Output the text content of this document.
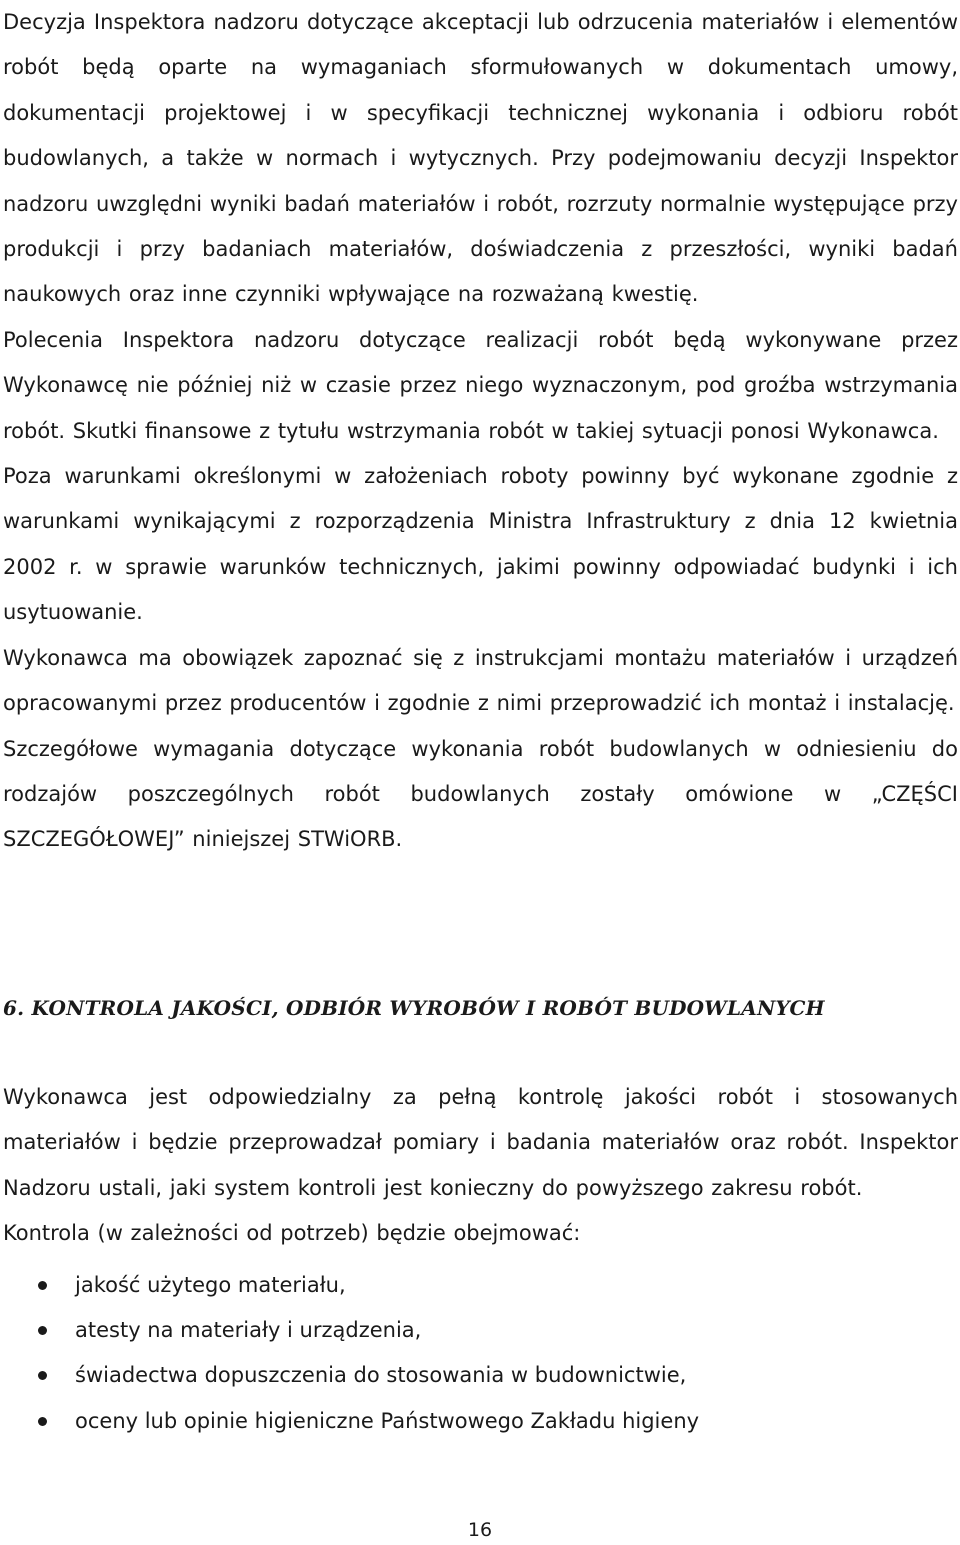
Decyzja Inspektora nadzoru dotyczące akceptacji lub odrzucenia materiałów i elementów robót będą oparte na wymaganiach sformułowanych w dokumentach umowy, dokumentacji projektowej i w specyfikacji technicznej wykonania i odbioru robót budowlanych, a także w normach i wytycznych. Przy podejmowaniu decyzji Inspektor nadzoru uwzględni wyniki badań materiałów i robót, rozrzuty normalnie występujące przy produkcji i przy badaniach materiałów, doświadczenia z przeszłości, wyniki badań naukowych oraz inne czynniki wpływające na rozważaną kwestię.

Polecenia Inspektora nadzoru dotyczące realizacji robót będą wykonywane przez Wykonawcę nie później niż w czasie przez niego wyznaczonym, pod groźba wstrzymania robót. Skutki finansowe z tytułu wstrzymania robót w takiej sytuacji ponosi Wykonawca.

Poza warunkami określonymi w założeniach roboty powinny być wykonane zgodnie z warunkami wynikającymi z rozporządzenia Ministra Infrastruktury z dnia 12 kwietnia 2002 r. w sprawie warunków technicznych, jakimi powinny odpowiadać budynki i ich usytuowanie.

Wykonawca ma obowiązek zapoznać się z instrukcjami montażu materiałów i urządzeń opracowanymi przez producentów i zgodnie z nimi przeprowadzić ich montaż i instalację.

Szczegółowe wymagania dotyczące wykonania robót budowlanych w odniesieniu do rodzajów poszczególnych robót budowlanych zostały omówione w „CZĘŚCI SZCZEGÓŁOWEJ” niniejszej STWiORB.

6. KONTROLA JAKOŚCI, ODBIÓR WYROBÓW I ROBÓT BUDOWLANYCH

Wykonawca jest odpowiedzialny za pełną kontrolę jakości robót i stosowanych materiałów i będzie przeprowadzał pomiary i badania materiałów oraz robót. Inspektor Nadzoru ustali, jaki system kontroli jest konieczny do powyższego zakresu robót.

Kontrola (w zależności od potrzeb) będzie obejmować:

jakość użytego materiału,
atesty na materiały i urządzenia,
świadectwa dopuszczenia do stosowania w budownictwie,
oceny lub opinie higieniczne Państwowego Zakładu higieny
16
